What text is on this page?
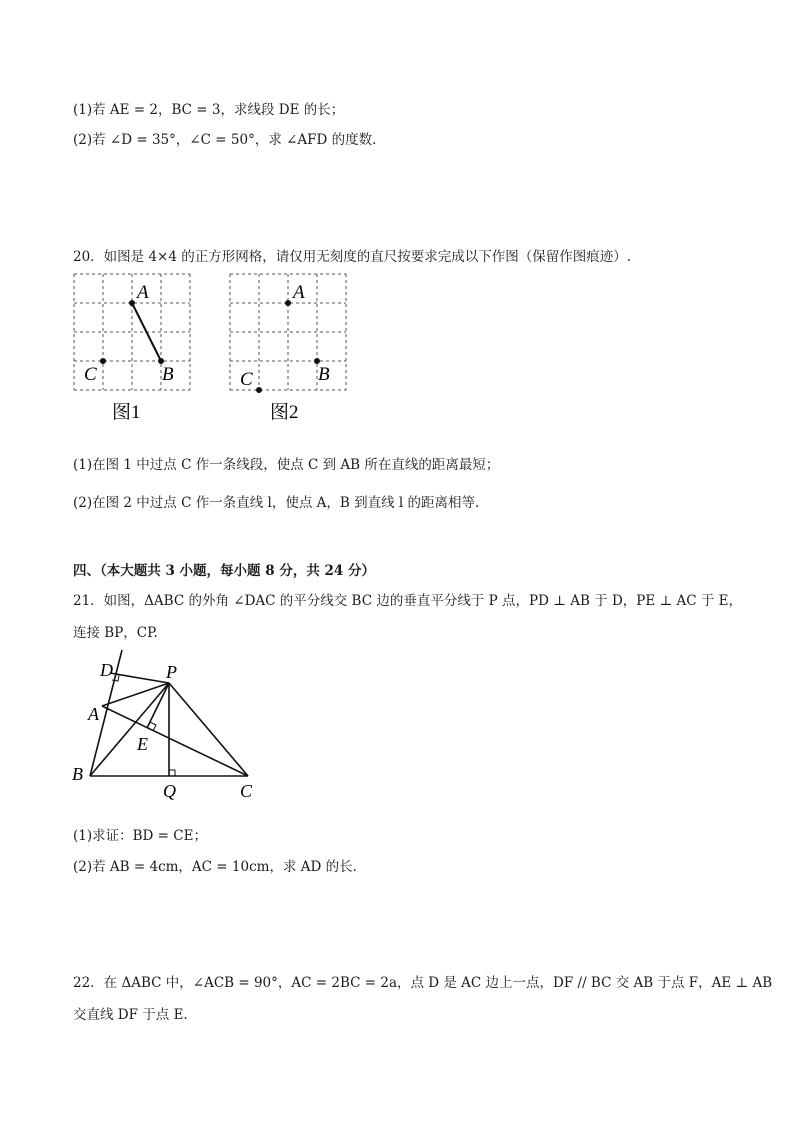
(1)若 AE = 2，BC = 3，求线段 DE 的长；
(2)若 ∠D = 35°，∠C = 50°，求 ∠AFD 的度数.
20．如图是 4×4 的正方形网格，请仅用无刻度的直尺按要求完成以下作图（保留作图痕迹）.
A
B
C
图1
A
B
C
图2
(1)在图 1 中过点 C 作一条线段，使点 C 到 AB 所在直线的距离最短；
(2)在图 2 中过点 C 作一条直线 l，使点 A，B 到直线 l 的距离相等.
四、（本大题共 3 小题，每小题 8 分，共 24 分）
21．如图，ΔABC 的外角 ∠DAC 的平分线交 BC 边的垂直平分线于 P 点，PD ⊥ AB 于 D，PE ⊥ AC 于 E，
连接 BP，CP.
D	P
A
E
B
Q	C
(1)求证：BD = CE；
(2)若 AB = 4cm，AC = 10cm，求 AD 的长.
22．在 ΔABC 中，∠ACB = 90°，AC = 2BC = 2a，点 D 是 AC 边上一点，DF // BC 交 AB 于点 F，AE ⊥ AB
交直线 DF 于点 E.
